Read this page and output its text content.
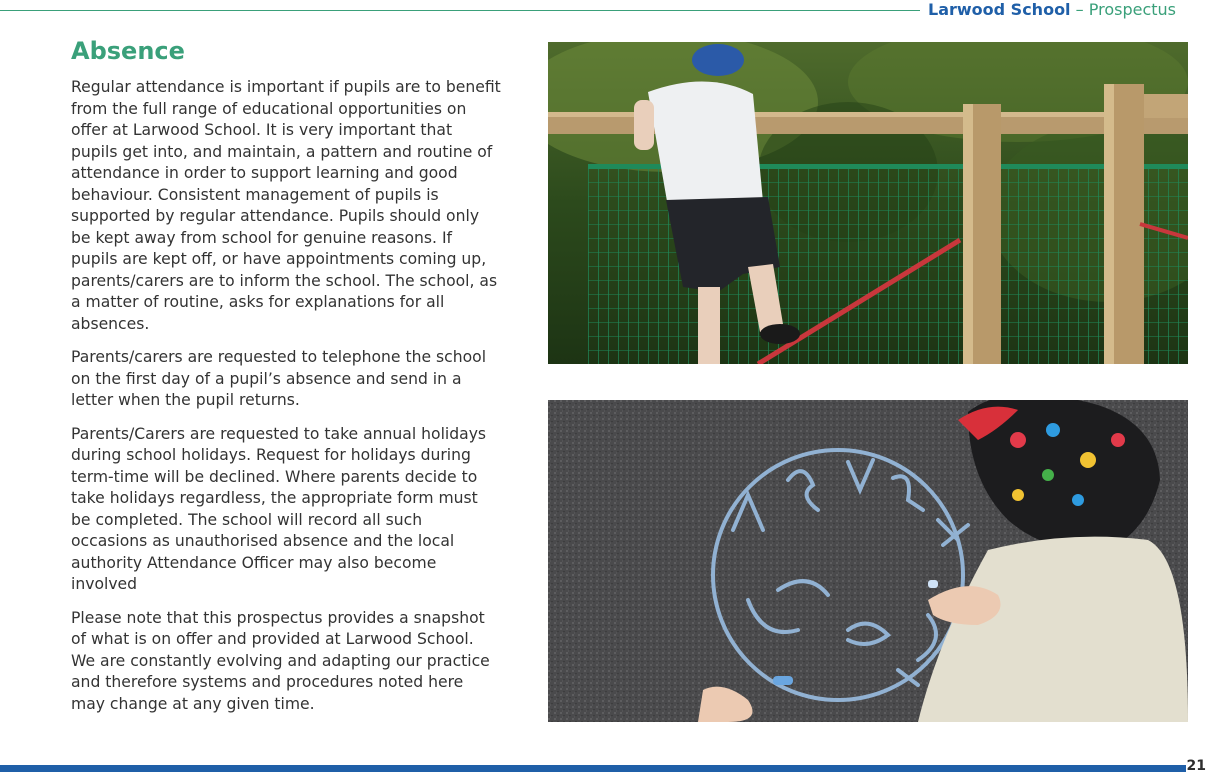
Larwood School – Prospectus
Absence

Regular attendance is important if pupils are to benefit from the full range of educational opportunities on offer at Larwood School. It is very important that pupils get into, and maintain, a pattern and routine of attendance in order to support learning and good behaviour. Consistent management of pupils is supported by regular attendance. Pupils should only be kept away from school for genuine reasons. If pupils are kept off, or have appointments coming up, parents/carers are to inform the school. The school, as a matter of routine, asks for explanations for all absences.

Parents/carers are requested to telephone the school on the first day of a pupil’s absence and send in a letter when the pupil returns.

Parents/Carers are requested to take annual holidays during school holidays. Request for holidays during term-time will be declined. Where parents decide to take holidays regardless, the appropriate form must be completed. The school will record all such occasions as unauthorised absence and the local authority Attendance Officer may also become involved

Please note that this prospectus provides a snapshot of what is on offer and provided at Larwood School. We are constantly evolving and adapting our practice and therefore systems and procedures noted here may change at any given time.

21
